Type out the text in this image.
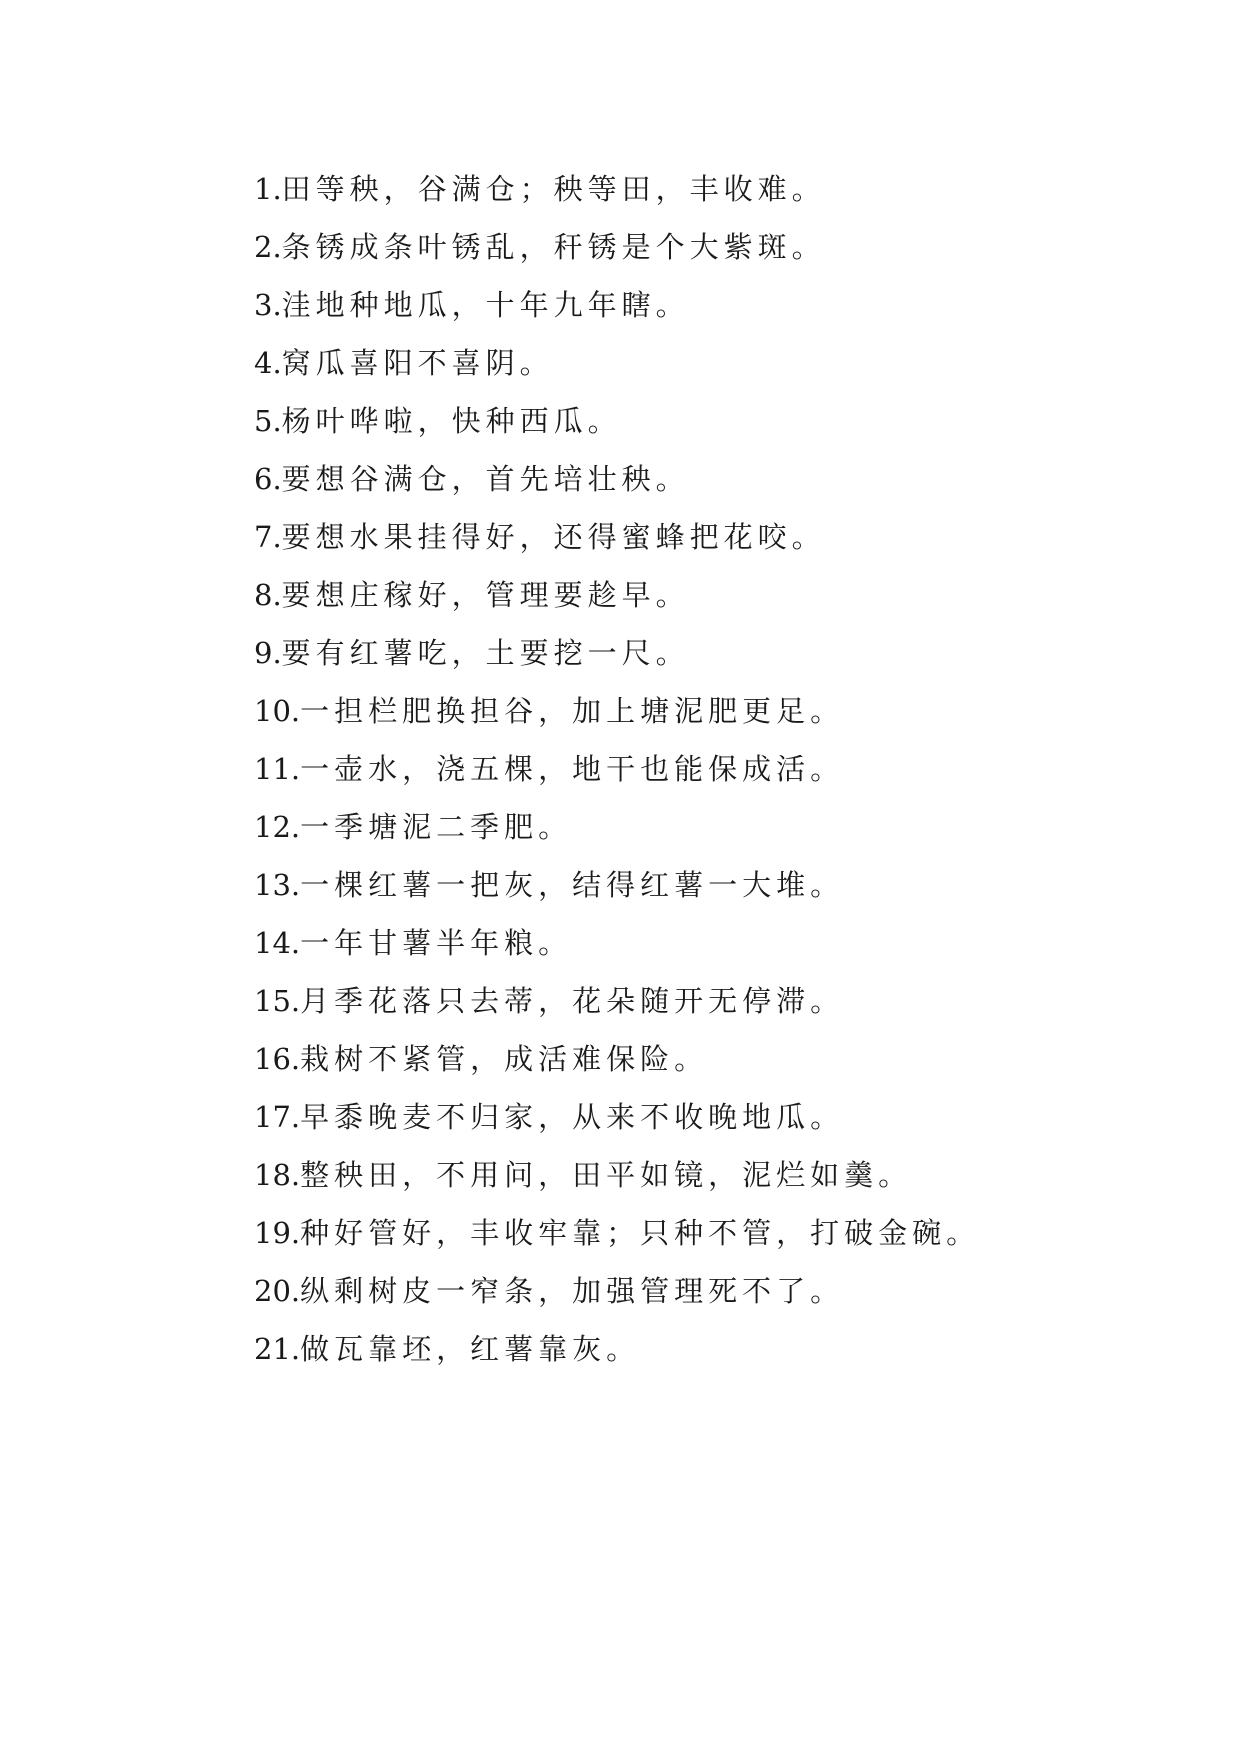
1.田等秧，谷满仓；秧等田，丰收难。
2.条锈成条叶锈乱，秆锈是个大紫斑。
3.洼地种地瓜，十年九年瞎。
4.窝瓜喜阳不喜阴。
5.杨叶哗啦，快种西瓜。
6.要想谷满仓，首先培壮秧。
7.要想水果挂得好，还得蜜蜂把花咬。
8.要想庄稼好，管理要趁早。
9.要有红薯吃，土要挖一尺。
10.一担栏肥换担谷，加上塘泥肥更足。
11.一壶水，浇五棵，地干也能保成活。
12.一季塘泥二季肥。
13.一棵红薯一把灰，结得红薯一大堆。
14.一年甘薯半年粮。
15.月季花落只去蒂，花朵随开无停滞。
16.栽树不紧管，成活难保险。
17.早黍晚麦不归家，从来不收晚地瓜。
18.整秧田，不用问，田平如镜，泥烂如羹。
19.种好管好，丰收牢靠；只种不管，打破金碗。
20.纵剩树皮一窄条，加强管理死不了。
21.做瓦靠坯，红薯靠灰。
